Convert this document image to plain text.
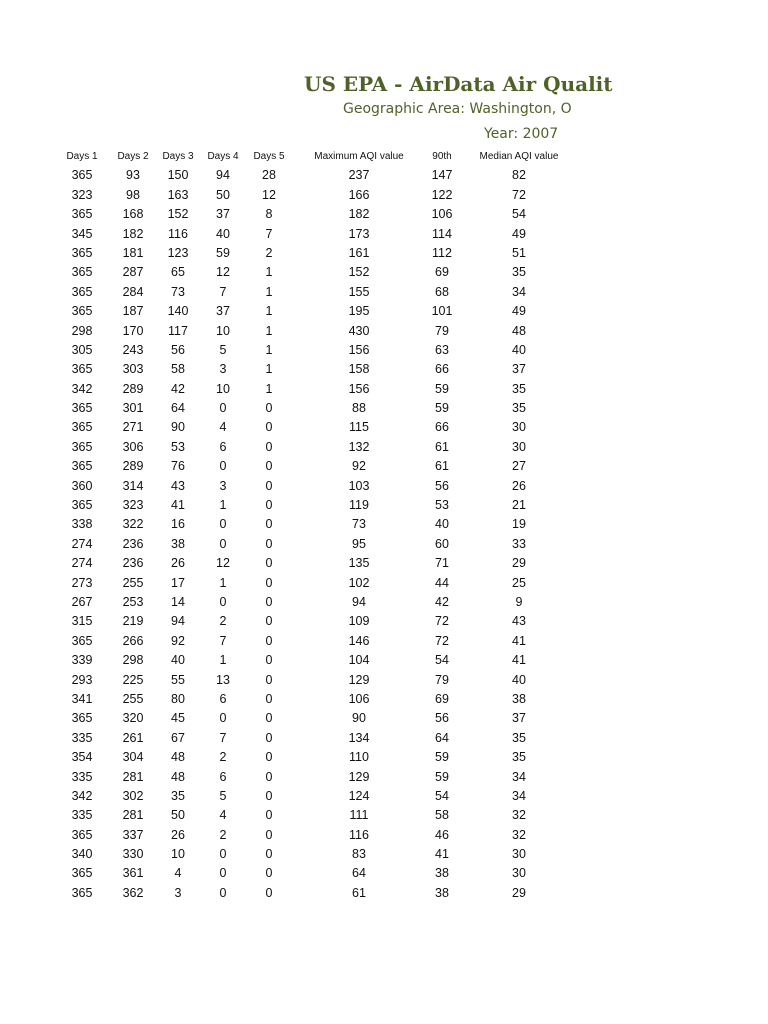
US EPA - AirData Air Qualit
Geographic Area: Washington, O
Year: 2007
Days 1	Days 2	Days 3	Days 4	Days 5	Maximum AQI value	90th	Median AQI value
365	93	150	94	28	237	147	82
323	98	163	50	12	166	122	72
365	168	152	37	8	182	106	54
345	182	116	40	7	173	114	49
365	181	123	59	2	161	112	51
365	287	65	12	1	152	69	35
365	284	73	7	1	155	68	34
365	187	140	37	1	195	101	49
298	170	117	10	1	430	79	48
305	243	56	5	1	156	63	40
365	303	58	3	1	158	66	37
342	289	42	10	1	156	59	35
365	301	64	0	0	88	59	35
365	271	90	4	0	115	66	30
365	306	53	6	0	132	61	30
365	289	76	0	0	92	61	27
360	314	43	3	0	103	56	26
365	323	41	1	0	119	53	21
338	322	16	0	0	73	40	19
274	236	38	0	0	95	60	33
274	236	26	12	0	135	71	29
273	255	17	1	0	102	44	25
267	253	14	0	0	94	42	9
315	219	94	2	0	109	72	43
365	266	92	7	0	146	72	41
339	298	40	1	0	104	54	41
293	225	55	13	0	129	79	40
341	255	80	6	0	106	69	38
365	320	45	0	0	90	56	37
335	261	67	7	0	134	64	35
354	304	48	2	0	110	59	35
335	281	48	6	0	129	59	34
342	302	35	5	0	124	54	34
335	281	50	4	0	111	58	32
365	337	26	2	0	116	46	32
340	330	10	0	0	83	41	30
365	361	4	0	0	64	38	30
365	362	3	0	0	61	38	29
